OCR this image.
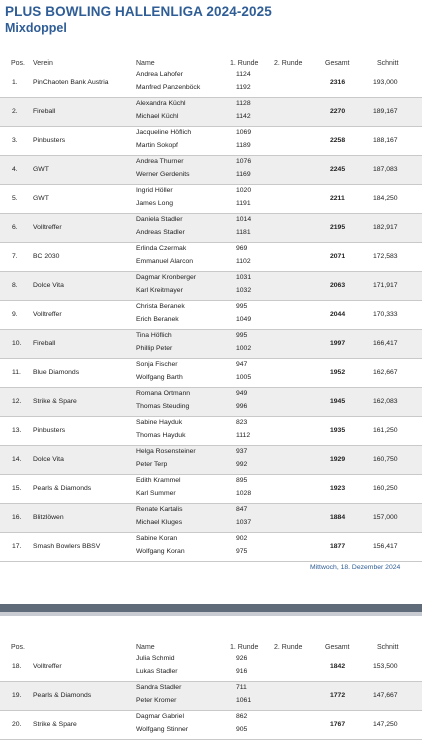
PLUS BOWLING HALLENLIGA 2024-2025
Mixdoppel
Pos. Verein	Name	1. Runde 2. Runde	Gesamt	Schnitt
1. PinChaoten Bank Austria
Andrea Lahofer
Manfred Panzenböck
1124
1192
2316	193,000
2. Fireball
Alexandra Küchl
Michael Küchl
1128
1142
2270	189,167
3. Pinbusters
Jacqueline Höflich
Martin Sokopf
1069
1189
2258	188,167
4. GWT
Andrea Thurner
Werner Gerdenits
1076
1169
2245	187,083
5. GWT
Ingrid Höller
James Long
1020
1191
2211	184,250
6. Volltreffer
Daniela Stadler
Andreas Stadler
1014
1181
2195	182,917
7. BC 2030
Erlinda Czermak
Emmanuel Alarcon
969
1102
2071	172,583
8. Dolce Vita
Dagmar Kronberger
Karl Kreitmayer
1031
1032
2063	171,917
9. Volltreffer
Christa Beranek
Erich Beranek
995
1049
2044	170,333
10. Fireball
Tina Höflich
Phillip Peter
995
1002
1997	166,417
11. Blue Diamonds
Sonja Fischer
Wolfgang Barth
947
1005
1952	162,667
12. Strike & Spare
Romana Ortmann
Thomas Steuding
949
996
1945	162,083
13. Pinbusters
Sabine Hayduk
Thomas Hayduk
823
1112
1935	161,250
14. Dolce Vita
Helga Rosensteiner
Peter Terp
937
992
1929	160,750
15. Pearls & Diamonds
Edith Krammel
Karl Summer
895
1028
1923	160,250
16. Blitzlöwen
Renate Kartalis
Michael Kluges
847
1037
1884	157,000
17. Smash Bowlers BBSV
Sabine Koran
Wolfgang Koran
902
975
1877	156,417
Mittwoch, 18. Dezember 2024
Pos.	Name	1. Runde 2. Runde	Gesamt	Schnitt
18. Volltreffer
Julia Schmid
Lukas Stadler
926
916
1842	153,500
19. Pearls & Diamonds
Sandra Stadler
Peter Kromer
711
1061
1772	147,667
20. Strike & Spare
Dagmar Gabriel
Wolfgang Stinner
862
905
1767	147,250
